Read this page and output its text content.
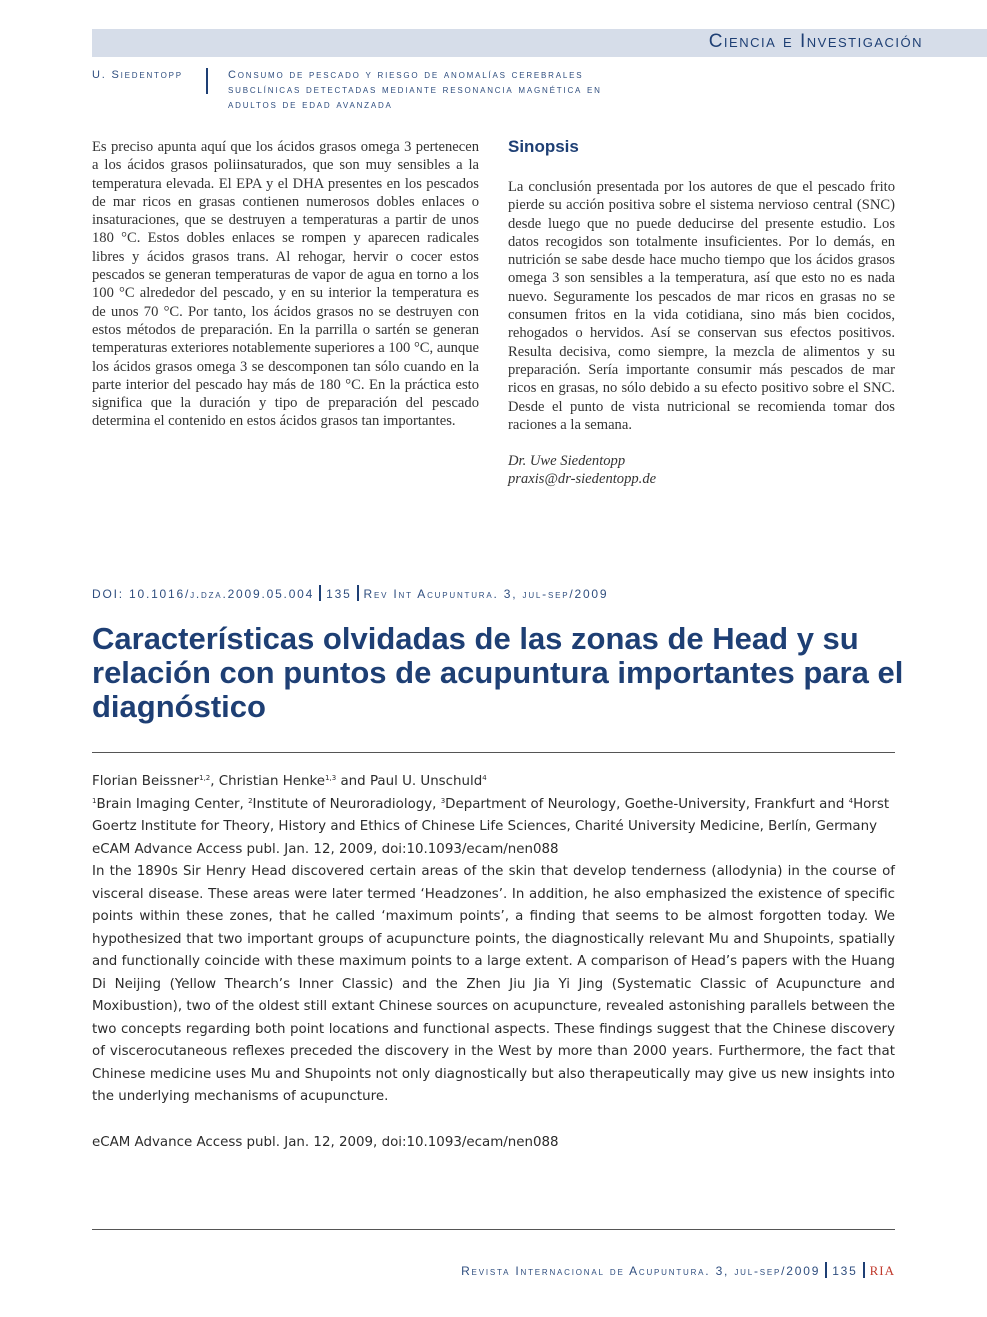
Ciencia e Investigación
U. Siedentopp	Consumo de pescado y riesgo de anomalías cerebrales subclínicas detectadas mediante resonancia magnética en adultos de edad avanzada
Es preciso apunta aquí que los ácidos grasos omega 3 pertenecen a los ácidos grasos poliinsaturados, que son muy sensibles a la temperatura elevada. El EPA y el DHA presentes en los pescados de mar ricos en grasas contienen numerosos dobles enlaces o insaturaciones, que se destruyen a temperaturas a partir de unos 180 °C. Estos dobles enlaces se rompen y aparecen radicales libres y ácidos grasos trans. Al rehogar, hervir o cocer estos pescados se generan temperaturas de vapor de agua en torno a los 100 °C alrededor del pescado, y en su interior la temperatura es de unos 70 °C. Por tanto, los ácidos grasos no se destruyen con estos métodos de preparación. En la parrilla o sartén se generan temperaturas exteriores notablemente superiores a 100 °C, aunque los ácidos grasos omega 3 se descomponen tan sólo cuando en la parte interior del pescado hay más de 180 °C. En la práctica esto significa que la duración y tipo de preparación del pescado determina el contenido en estos ácidos grasos tan importantes.
Sinopsis

La conclusión presentada por los autores de que el pescado frito pierde su acción positiva sobre el sistema nervioso central (SNC) desde luego que no puede deducirse del presente estudio. Los datos recogidos son totalmente insuficientes. Por lo demás, en nutrición se sabe desde hace mucho tiempo que los ácidos grasos omega 3 son sensibles a la temperatura, así que esto no es nada nuevo. Seguramente los pescados de mar ricos en grasas no se consumen fritos en la vida cotidiana, sino más bien cocidos, rehogados o hervidos. Así se conservan sus efectos positivos. Resulta decisiva, como siempre, la mezcla de alimentos y su preparación. Sería importante consumir más pescados de mar ricos en grasas, no sólo debido a su efecto positivo sobre el SNC. Desde el punto de vista nutricional se recomienda tomar dos raciones a la semana.

Dr. Uwe Siedentopp
praxis@dr-siedentopp.de
DOI: 10.1016/j.dza.2009.05.004 135 Rev Int Acupuntura. 3, jul-sep/2009
Características olvidadas de las zonas de Head y su relación con puntos de acupuntura importantes para el diagnóstico

Florian Beissner$^{1,2}$, Christian Henke$^{1,3}$ and Paul U. Unschuld$^4$

$^1$Brain Imaging Center, $^2$Institute of Neuroradiology, $^3$Department of Neurology, Goethe-University, Frankfurt and $^4$Horst Goertz Institute for Theory, History and Ethics of Chinese Life Sciences, Charité University Medicine, Berlín, Germany

eCAM Advance Access publ. Jan. 12, 2009, doi:10.1093/ecam/nen088

In the 1890s Sir Henry Head discovered certain areas of the skin that develop tenderness (allodynia) in the course of visceral disease. These areas were later termed ‘Headzones’. In addition, he also emphasized the existence of specific points within these zones, that he called ‘maximum points’, a finding that seems to be almost forgotten today. We hypothesized that two important groups of acupuncture points, the diagnostically relevant Mu and Shupoints, spatially and functionally coincide with these maximum points to a large extent. A comparison of Head’s papers with the Huang Di Neijing (Yellow Thearch’s Inner Classic) and the Zhen Jiu Jia Yi Jing (Systematic Classic of Acupuncture and Moxibustion), two of the oldest still extant Chinese sources on acupuncture, revealed astonishing parallels between the two concepts regarding both point locations and functional aspects. These findings suggest that the Chinese discovery of viscerocutaneous reflexes preceded the discovery in the West by more than 2000 years. Furthermore, the fact that Chinese medicine uses Mu and Shupoints not only diagnostically but also therapeutically may give us new insights into the underlying mechanisms of acupuncture.

eCAM Advance Access publ. Jan. 12, 2009, doi:10.1093/ecam/nen088
Revista Internacional de Acupuntura. 3, jul-sep/2009 135 RIA
